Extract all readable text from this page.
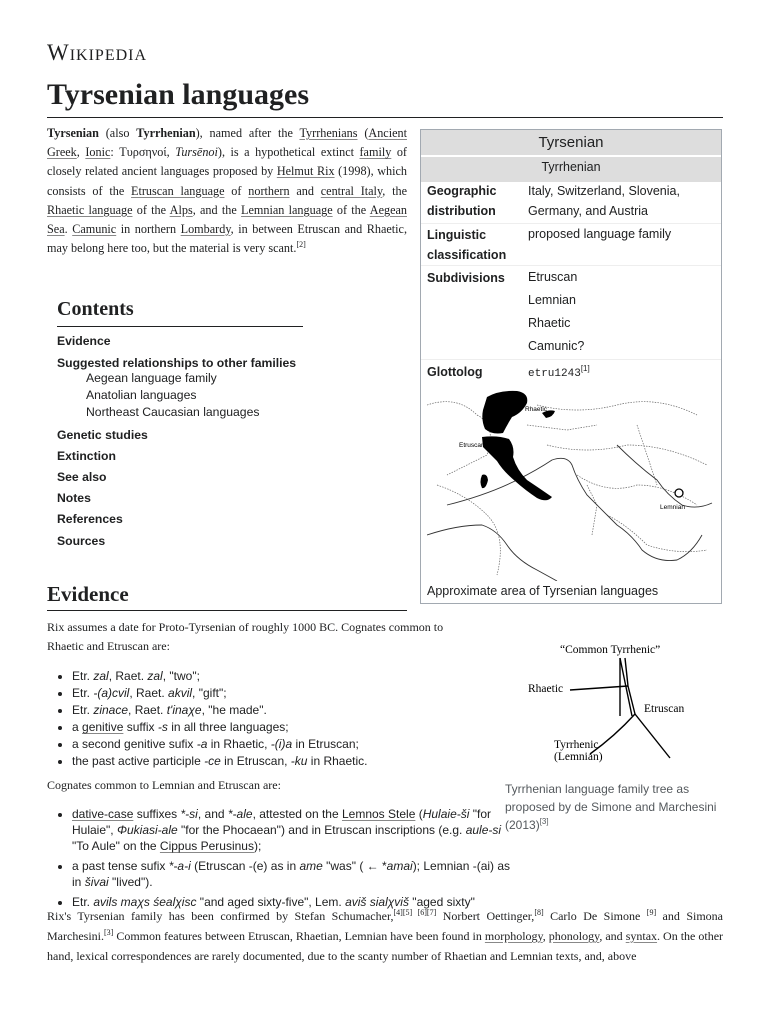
Wikipedia
Tyrsenian languages

Tyrsenian (also Tyrrhenian), named after the Tyrrhenians (Ancient Greek, Ionic: Τυρσηνοί, Tursēnoi), is a hypothetical extinct family of closely related ancient languages proposed by Helmut Rix (1998), which consists of the Etruscan language of northern and central Italy, the Rhaetic language of the Alps, and the Lemnian language of the Aegean Sea. Camunic in northern Lombardy, in between Etruscan and Rhaetic, may belong here too, but the material is very scant.[2]

Tyrsenian
Tyrrhenian
Geographic distribution
Italy, Switzerland, Slovenia, Germany, and Austria
Linguistic classification
proposed language family
Subdivisions	Etruscan
Lemnian
Rhaetic
Camunic?
Glottolog	etru1243[1]
Rhaetic
Etruscan
Lemnian
Approximate area of Tyrsenian languages
Contents
Evidence
Suggested relationships to other families
Aegean language family
Anatolian languages
Northeast Caucasian languages
Genetic studies
Extinction
See also
Notes
References
Sources
Evidence

Rix assumes a date for Proto-Tyrsenian of roughly 1000 BC. Cognates common to Rhaetic and Etruscan are:

• Etr. zal, Raet. zal, "two";
• Etr. -(a)cvil, Raet. akvil, "gift";
• Etr. zinace, Raet. t'inaχe, "he made".
• a genitive suffix -s in all three languages;
• a second genitive sufix -a in Rhaetic, -(i)a in Etruscan;
• the past active participle -ce in Etruscan, -ku in Rhaetic.

Cognates common to Lemnian and Etruscan are:

• dative-case suffixes *-si, and *-ale, attested on the Lemnos Stele (Hulaie-ši "for Hulaie", Φukiasi-ale "for the Phocaean") and in Etruscan inscriptions (e.g. aule-si "To Aule" on the Cippus Perusinus);
• a past tense sufix *-a-i (Etruscan -(e) as in ame "was" ( ← *amai); Lemnian -(ai) as in šivai "lived").
• Etr. avils maχs śealχisc "and aged sixty-five", Lem. aviš sialχviš "aged sixty"
“Common Tyrrhenic”
Rhaetic
Etruscan
Tyrrhenic
(Lemnian)
Tyrrhenian language family tree as proposed by de Simone and Marchesini (2013)[3]

Rix's Tyrsenian family has been confirmed by Stefan Schumacher,[4][5] [6][7] Norbert Oettinger,[8] Carlo De Simone [9] and Simona Marchesini.[3] Common features between Etruscan, Rhaetian, Lemnian have been found in morphology, phonology, and syntax. On the other hand, lexical correspondences are rarely documented, due to the scanty number of Rhaetian and Lemnian texts, and, above
